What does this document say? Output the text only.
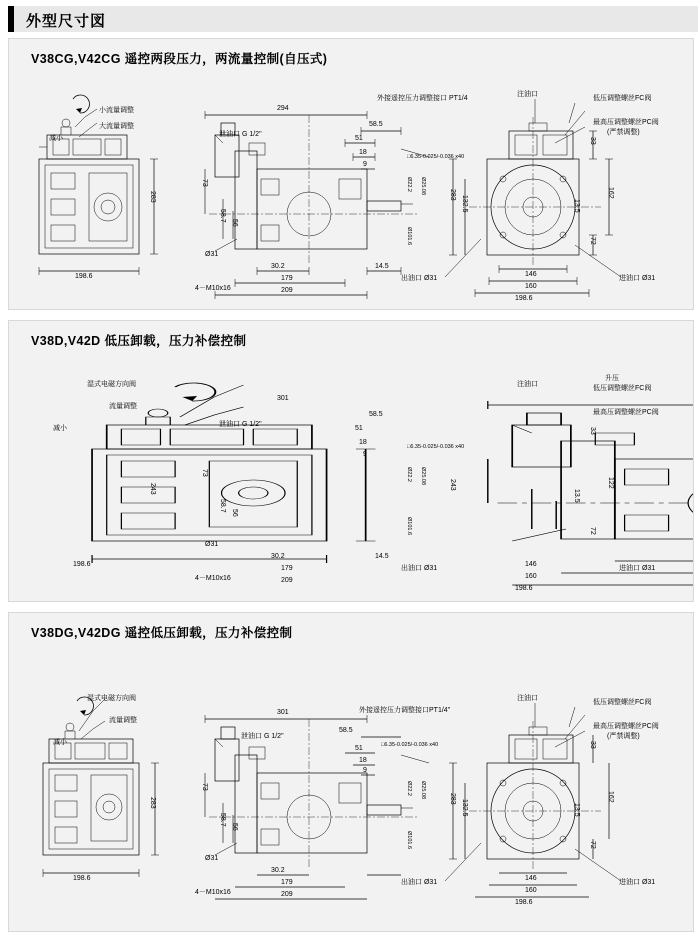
外型尺寸図
V38CG,V42CG 遥控两段压力，两流量控制(自压式)
减小
小流量调整
大流量调整
198.6
283
294
泄油口 G 1/2"
51
18
9
58.5
外接遥控压力调整接口 PT1/4
□6.35-0.025/-0.036 x40
Ø22.2 Ø25.08
Ø101.6
73
58.7
56
Ø31
4－M10x16
30.2
179
209
14.5
注油口
低压调整螺丝FC阀
最高压调整螺丝PC阀
(严禁调整)
283
132.5
33
162
72
13.5
146
160
198.6
出油口 Ø31	进油口 Ø31
V38D,V42D 低压卸载，压力补偿控制
减小
湿式电磁方向阀
流量调整
升压
198.6
243
301
泄油口 G 1/2"
51
18
9
58.5
□6.35-0.025/-0.036 x40
Ø22.2 Ø25.08
Ø101.6
73
58.7
56
Ø31
4－M10x16
30.2
179
209
14.5
注油口
低压调整螺丝FC阀
最高压调整螺丝PC阀
243
33
122
72
13.5
146
160
198.6
出油口 Ø31	进油口 Ø31
V38DG,V42DG 遥控低压卸载，压力补偿控制
减小
湿式电磁方向阀
流量调整
198.6
283
301
泄油口 G 1/2"
51
18
9
58.5
外接遥控压力调整接口PT1/4"
□6.35-0.025/-0.036 x40
Ø22.2 Ø25.08
Ø101.6
73
58.7
56
Ø31
4－M10x16
30.2
179
209
注油口
低压调整螺丝FC阀
最高压调整螺丝PC阀
(严禁调整)
283
132.5
33
162
72
13.5
146
160
198.6
出油口 Ø31	进油口 Ø31
